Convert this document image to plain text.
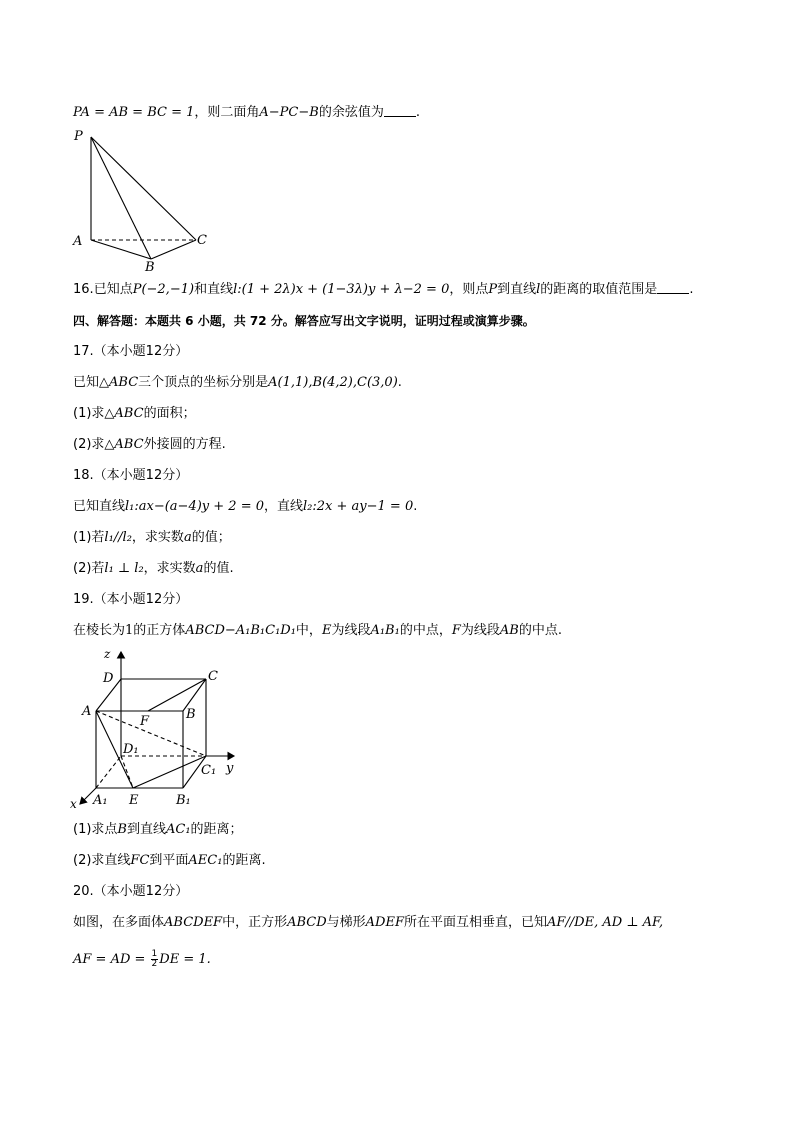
PA = AB = BC = 1，则二面角A−PC−B的余弦值为 .
P
A	C
B
16.已知点P(−2,−1)和直线l:(1 + 2λ)x + (1−3λ)y + λ−2 = 0，则点P到直线l的距离的取值范围是 .
四、解答题：本题共 6 小题，共 72 分。解答应写出文字说明，证明过程或演算步骤。
17.（本小题12分）
已知△ABC三个顶点的坐标分别是A(1,1),B(4,2),C(3,0).
(1)求△ABC的面积；
(2)求△ABC外接圆的方程.
18.（本小题12分）
已知直线l₁:ax−(a−4)y + 2 = 0，直线l₂:2x + ay−1 = 0.
(1)若l₁//l₂，求实数a的值；
(2)若l₁ ⊥ l₂，求实数a的值.
19.（本小题12分）
在棱长为1的正方体ABCD−A₁B₁C₁D₁中，E为线段A₁B₁的中点，F为线段AB的中点.
z
y
x
D	C
A
F	B
D₁
C₁
A₁ E	B₁
(1)求点B到直线AC₁的距离；
(2)求直线FC到平面AEC₁的距离.
20.（本小题12分）
如图，在多面体ABCDEF中，正方形ABCD与梯形ADEF所在平面互相垂直，已知AF//DE, AD ⊥ AF,
AF = AD = $\frac{1}{2}$ DE = 1.
